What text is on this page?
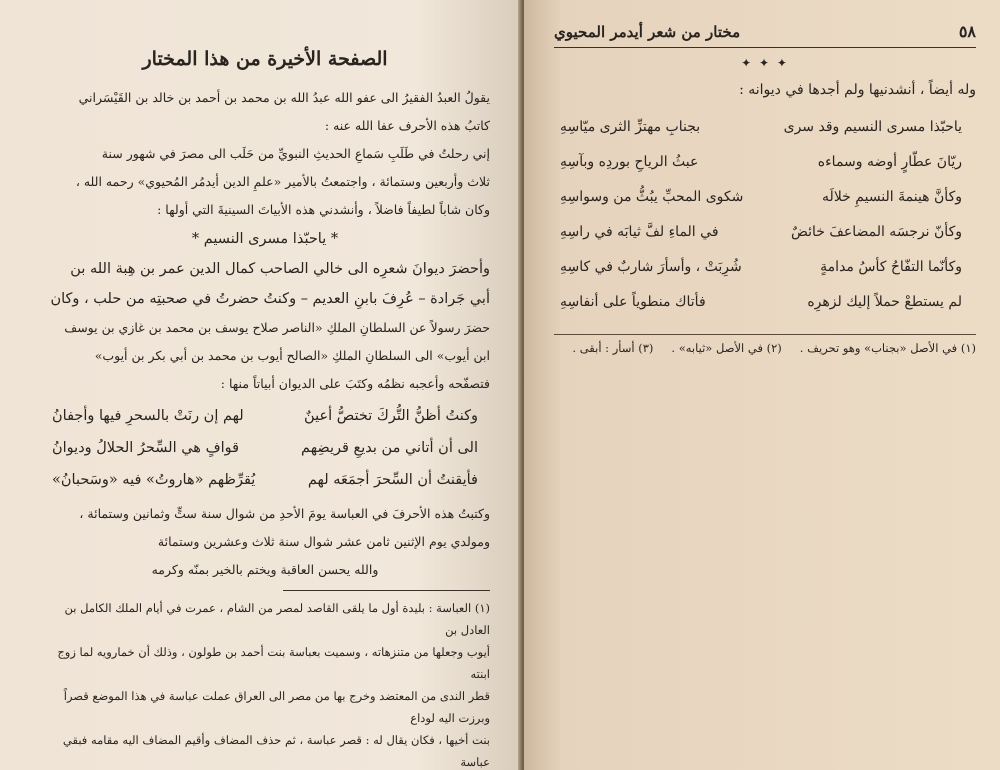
الصفحة الأخيرة من هذا المختار

يقولُ العبدُ الفقيرُ الى عفو الله عبدُ الله بن محمد بن أحمد بن خالد بن القَيْسَراني

كاتبُ هذه الأحرف عفا الله عنه :

إني رحلتُ في طَلَبِ سَماعِ الحديثِ النبويِّ من حَلَب الى مصرَ في شهور سنة

ثلاث وأربعين وستمائة ، واجتمعتُ بالأمير «علمِ الدين أيدمُر المُحيوي» رحمه الله ،

وكان شاباً لطيفاً فاضلاً ، وأنشدني هذه الأبياتَ السينيةَ التي أولها :

* ياحبّذا مسرى النسيم *

وأحضرَ ديوانَ شعرِه الى خالي الصاحب كمال الدين عمر بن هِبة الله بن

أبي جَرادة – عُرِفَ بابنِ العديم – وكنتُ حضرتُ في صحبتِه من حلب ، وكان

حضرَ رسولاً عن السلطانِ الملكِ «الناصر صلاح يوسف بن محمد بن غازي بن يوسف

ابن أيوب» الى السلطانِ الملكِ «الصالح أيوب بن محمد بن أبي بكر بن أيوب»

فتصفّحه وأعجبه نظمُه وكتَبَ على الديوان أبياتاً منها :

وكنتُ أظنُّ التُّركَ تختصُّ أعينٌ
لهم إن رنَتْ بالسحرِ فيها وأجفانُ
الى أن أتاني من بديعِ قريضِهم
قوافٍ هي السِّحرُ الحلالُ وديوانُ
فأيقنتُ أن السِّحرَ أجمَعَه لهم
يُقرِّظهم «هاروتُ» فيه «وسَحبانُ»

وكتبتُ هذه الأحرفَ في العباسة يومَ الأحدِ من شوال سنة ستٍّ وثمانين وستمائة ،

ومولدي يوم الإثنين ثامن عشر شوال سنة ثلاث وعشرين وستمائة

والله يحسن العاقبة ويختم بالخير بمنّه وكرمه

(١) العباسة : بليدة أول ما يلقى القاصد لمصر من الشام ، عمرت في أيام الملك الكامل بن العادل بن

أيوب وجعلها من متنزهاته ، وسميت بعباسة بنت أحمد بن طولون ، وذلك أن خمارويه لما زوج ابنته

قطر الندى من المعتضد وخرج بها من مصر الى العراق عملت عباسة في هذا الموضع قصراً وبرزت اليه لوداع

بنت أخيها ، فكان يقال له : قصر عباسة ، ثم حذف المضاف وأقيم المضاف اليه مقامه فبقي عباسة

٥٨
مختار من شعر أيدمر المحيوي
✦ ✦ ✦

وله أيضاً ، أنشدنيها ولم أجدها في ديوانه :

ياحبّذا مسرى النسيم وقد سرى
بجنابِ مهتزِّ الثرى ميّاسِهِ
ريّانَ عطّارٍ أوضه وسماءه
عبثُ الرياحِ بوردِه وبآسِهِ
وكأنَّ هينمةَ النسيمِ خلالَه
شكوى المحبِّ يبُثُّ من وسواسِهِ
وكأنّ نرجسَه المضاعفَ خائضٌ
في الماءِ لفَّ ثيابَه في راسِهِ
وكأنّما التفّاحُ كأسُ مدامةٍ
شُرِبَتْ ، وأسأرَ شاربٌ في كاسِهِ
لم يستطعْ حملاً إليك لزهرِه
فأتاك منطوياً على أنفاسِهِ
(١) في الأصل «بجناب» وهو تحريف .
(٢) في الأصل «ثيابه» .
(٣) أسأر : أبقى .
